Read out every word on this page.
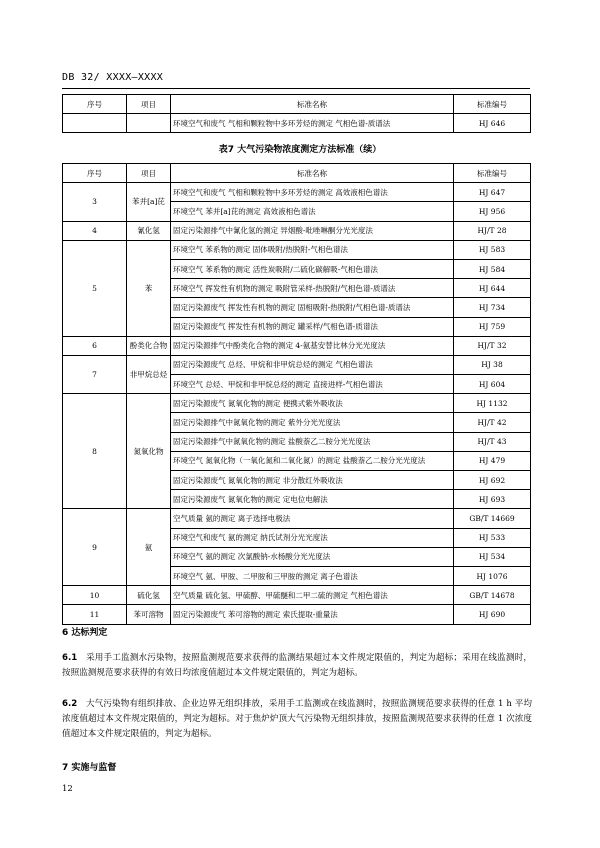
DB 32/ XXXX—XXXX
序号	项目	标准名称	标准编号
		环境空气和废气 气相和颗粒物中多环芳烃的测定 气相色谱-质谱法	HJ 646
表7 大气污染物浓度测定方法标准（续）
序号	项目	标准名称	标准编号
3	苯并[a]芘	环境空气和废气 气相和颗粒物中多环芳烃的测定 高效液相色谱法	HJ 647
		环境空气 苯并[a]芘的测定 高效液相色谱法	HJ 956
4	氰化氢	固定污染源排气中氰化氢的测定 异烟酸-吡唑啉酮分光光度法	HJ/T 28
5	苯	环境空气 苯系物的测定 固体吸附/热脱附-气相色谱法	HJ 583
		环境空气 苯系物的测定 活性炭吸附/二硫化碳解吸-气相色谱法	HJ 584
		环境空气 挥发性有机物的测定 吸附管采样-热脱附/气相色谱-质谱法	HJ 644
		固定污染源废气 挥发性有机物的测定 固相吸附-热脱附/气相色谱-质谱法	HJ 734
		固定污染源废气 挥发性有机物的测定 罐采样/气相色谱-质谱法	HJ 759
6	酚类化合物	固定污染源排气中酚类化合物的测定 4-氨基安替比林分光光度法	HJ/T 32
7	非甲烷总烃	固定污染源废气 总烃、甲烷和非甲烷总烃的测定 气相色谱法	HJ 38
		环境空气 总烃、甲烷和非甲烷总烃的测定 直接进样-气相色谱法	HJ 604
8	氮氧化物	固定污染源废气 氮氧化物的测定 便携式紫外吸收法	HJ 1132
		固定污染源排气中氮氧化物的测定 紫外分光光度法	HJ/T 42
		固定污染源排气中氮氧化物的测定 盐酸萘乙二胺分光光度法	HJ/T 43
		环境空气 氮氧化物（一氧化氮和二氧化氮）的测定 盐酸萘乙二胺分光光度法	HJ 479
		固定污染源废气 氮氧化物的测定 非分散红外吸收法	HJ 692
		固定污染源废气 氮氧化物的测定 定电位电解法	HJ 693
9	氨	空气质量 氨的测定 离子选择电极法	GB/T 14669
		环境空气和废气 氨的测定 纳氏试剂分光光度法	HJ 533
		环境空气 氨的测定 次氯酸钠-水杨酸分光光度法	HJ 534
		环境空气 氨、甲胺、二甲胺和三甲胺的测定 离子色谱法	HJ 1076
10	硫化氢	空气质量 硫化氢、甲硫醇、甲硫醚和二甲二硫的测定 气相色谱法	GB/T 14678
11	苯可溶物	固定污染源废气 苯可溶物的测定 索氏提取-重量法	HJ 690
6 达标判定
6.1  采用手工监测水污染物，按照监测规范要求获得的监测结果超过本文件规定限值的，判定为超标；采用在线监测时，按照监测规范要求获得的有效日均浓度值超过本文件规定限值的，判定为超标。
6.2  大气污染物有组织排放、企业边界无组织排放，采用手工监测或在线监测时，按照监测规范要求获得的任意 1 h 平均浓度值超过本文件规定限值的，判定为超标。对于焦炉炉顶大气污染物无组织排放，按照监测规范要求获得的任意 1 次浓度值超过本文件规定限值的，判定为超标。
7 实施与监督
12
